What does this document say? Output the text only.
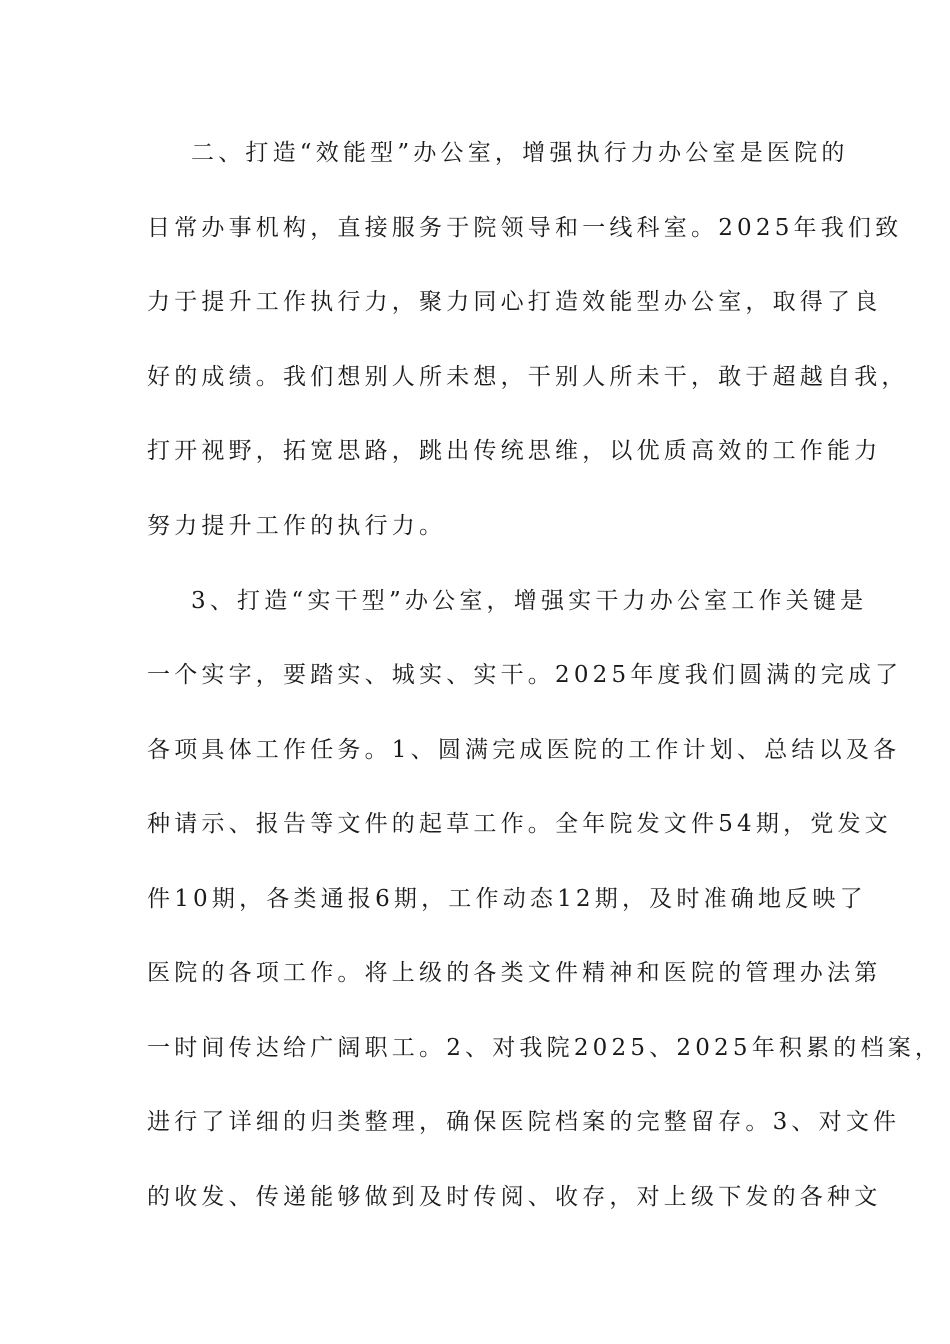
二、打造“效能型”办公室，增强执行力办公室是医院的
日常办事机构，直接服务于院领导和一线科室。2025年我们致
力于提升工作执行力，聚力同心打造效能型办公室，取得了良
好的成绩。我们想别人所未想，干别人所未干，敢于超越自我，
打开视野，拓宽思路，跳出传统思维，以优质高效的工作能力
努力提升工作的执行力。
3、打造“实干型”办公室，增强实干力办公室工作关键是
一个实字，要踏实、城实、实干。2025年度我们圆满的完成了
各项具体工作任务。1、圆满完成医院的工作计划、总结以及各
种请示、报告等文件的起草工作。全年院发文件54期，党发文
件10期，各类通报6期，工作动态12期，及时准确地反映了
医院的各项工作。将上级的各类文件精神和医院的管理办法第
一时间传达给广阔职工。2、对我院2025、2025年积累的档案，
进行了详细的归类整理，确保医院档案的完整留存。3、对文件
的收发、传递能够做到及时传阅、收存，对上级下发的各种文
